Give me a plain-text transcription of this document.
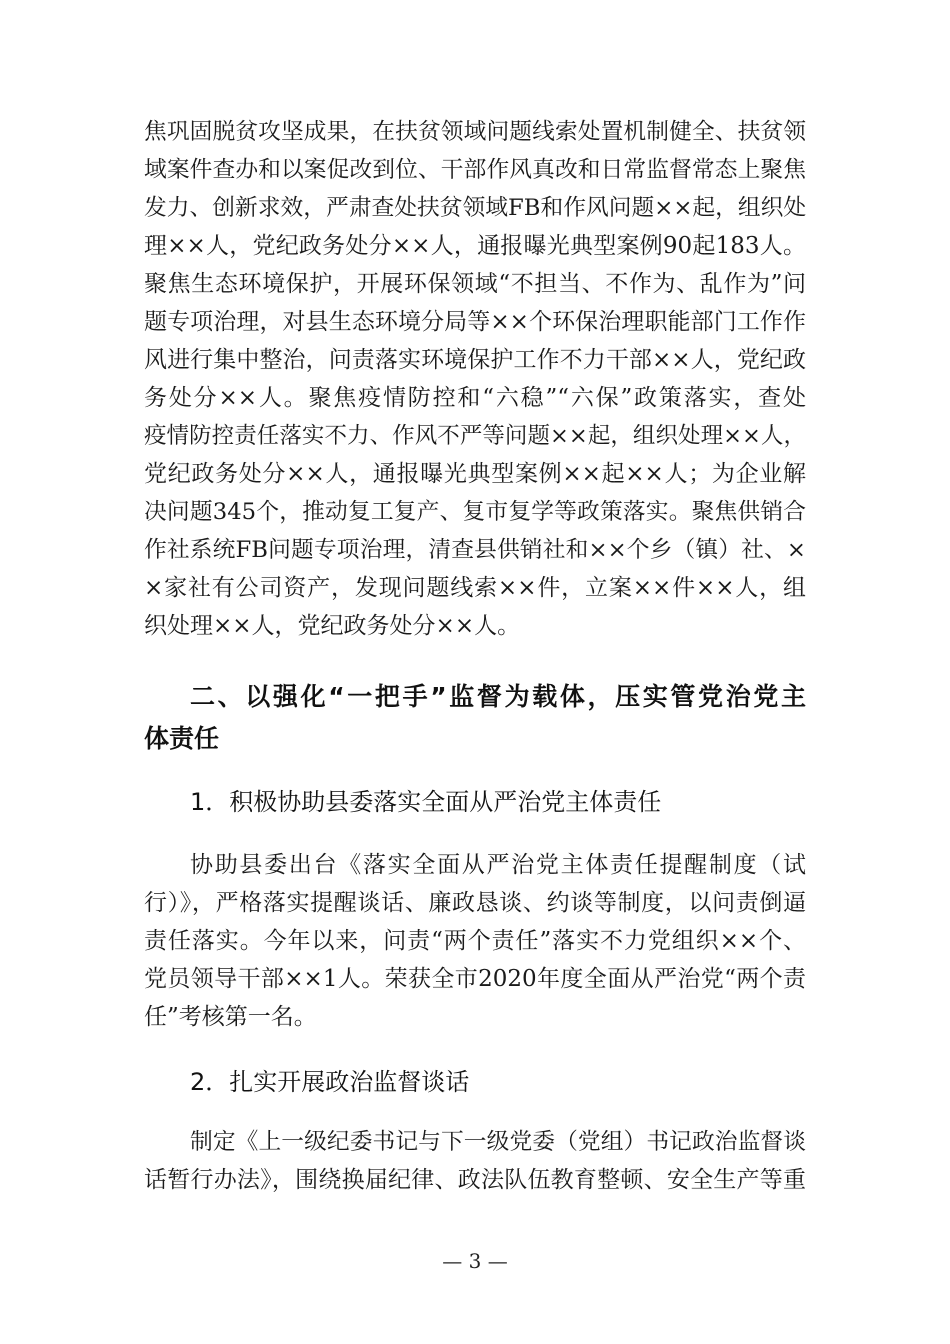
焦巩固脱贫攻坚成果，在扶贫领域问题线索处置机制健全、扶贫领
域案件查办和以案促改到位、干部作风真改和日常监督常态上聚焦
发力、创新求效，严肃查处扶贫领域FB和作风问题××起，组织处
理××人，党纪政务处分××人，通报曝光典型案例90起183人。
聚焦生态环境保护，开展环保领域“不担当、不作为、乱作为”问
题专项治理，对县生态环境分局等××个环保治理职能部门工作作
风进行集中整治，问责落实环境保护工作不力干部××人，党纪政
务处分××人。聚焦疫情防控和“六稳”“六保”政策落实，查处
疫情防控责任落实不力、作风不严等问题××起，组织处理××人，
党纪政务处分××人，通报曝光典型案例××起××人；为企业解
决问题345个，推动复工复产、复市复学等政策落实。聚焦供销合
作社系统FB问题专项治理，清查县供销社和××个乡（镇）社、×
×家社有公司资产，发现问题线索××件，立案××件××人，组
织处理××人，党纪政务处分××人。
二、以强化“一把手”监督为载体，压实管党治党主
体责任
1．积极协助县委落实全面从严治党主体责任
协助县委出台《落实全面从严治党主体责任提醒制度（试
行）》，严格落实提醒谈话、廉政恳谈、约谈等制度，以问责倒逼
责任落实。今年以来，问责“两个责任”落实不力党组织××个、
党员领导干部××1人。荣获全市2020年度全面从严治党“两个责
任”考核第一名。
2．扎实开展政治监督谈话
制定《上一级纪委书记与下一级党委（党组）书记政治监督谈
话暂行办法》，围绕换届纪律、政法队伍教育整顿、安全生产等重
— 3 —
